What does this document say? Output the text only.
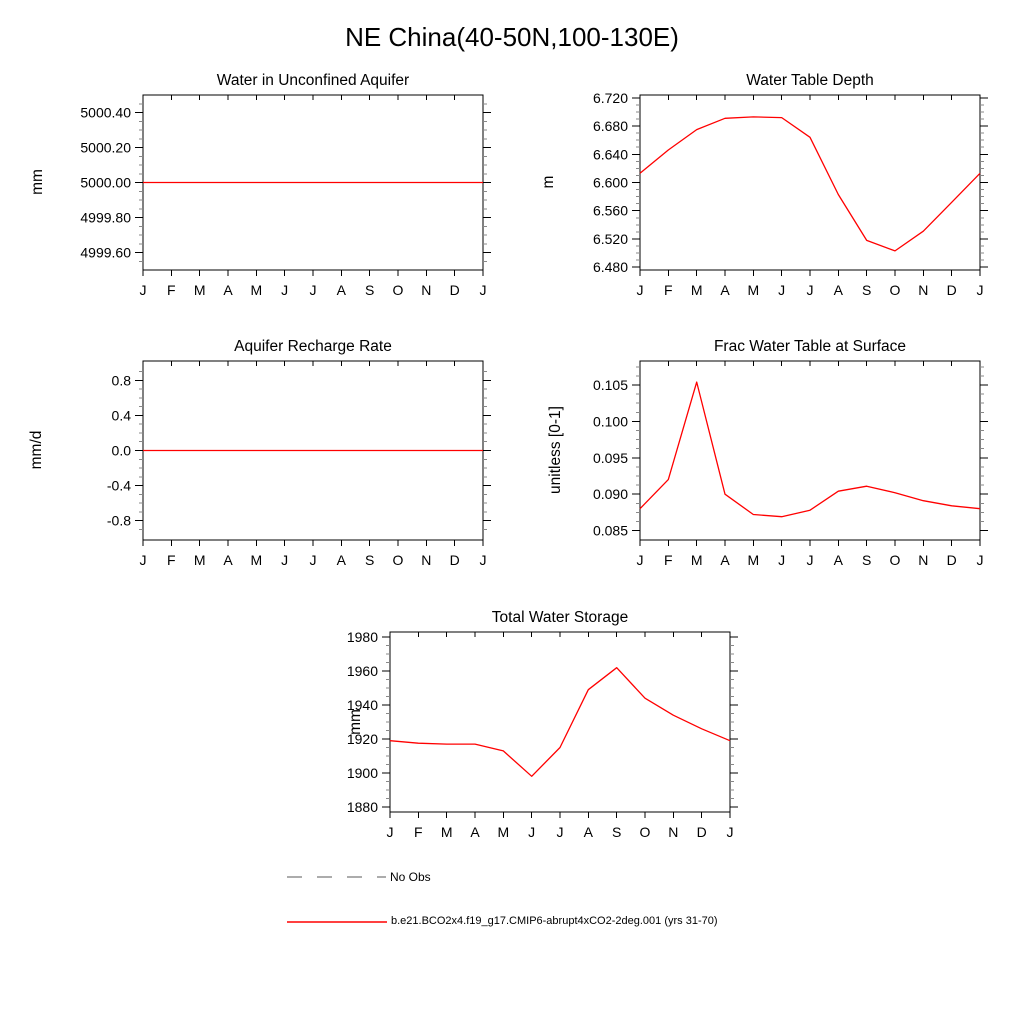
J F M A M J J A S O N D J
4999.60
4999.80
5000.00
5000.20
5000.40
J F M A M J J A S O N D J
6.480
6.520
6.560
6.600
6.640
6.680
6.720
J F M A M J J A S O N D J
-0.8
-0.4
0.0
0.4
0.8
J F M A M J J A S O N D J
0.085
0.090
0.095
0.100
0.105
J F M A M J J A S O N D J
1880
1900
1920
1940
1960
1980
NE China(40-50N,100-130E)
Water in Unconfined Aquifer
mm
Water Table Depth
m
Aquifer Recharge Rate
mm/d
Frac Water Table at Surface
unitless [0-1]
Total Water Storage
mm
No Obs
b.e21.BCO2x4.f19_g17.CMIP6-abrupt4xCO2-2deg.001 (yrs 31-70)
